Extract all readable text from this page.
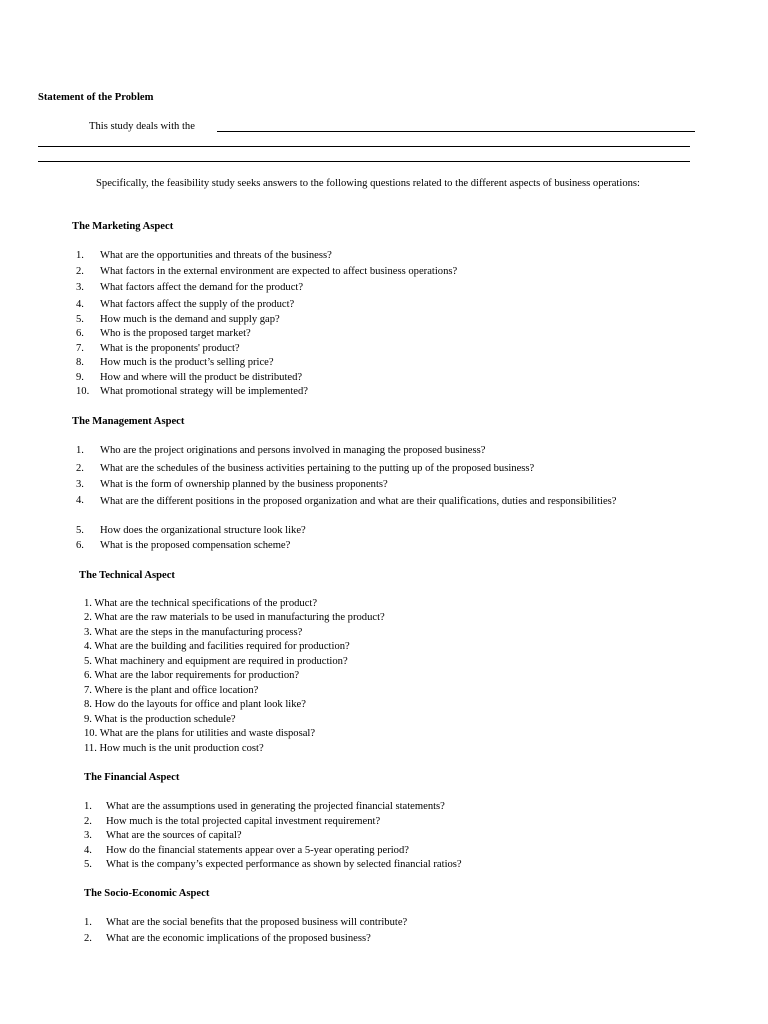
Statement of the Problem
This study deals with the
Specifically, the feasibility study seeks answers to the following questions related to the different aspects of business operations:
The Marketing Aspect
1. What are the opportunities and threats of the business?
2. What factors in the external environment are expected to affect business operations?
3. What factors affect the demand for the product?
4. What factors affect the supply of the product?
5. How much is the demand and supply gap?
6. Who is the proposed target market?
7. What is the proponents' product?
8. How much is the product’s selling price?
9. How and where will the product be distributed?
10. What promotional strategy will be implemented?
The Management Aspect
1. Who are the project originations and persons involved in managing the proposed business?
2. What are the schedules of the business activities pertaining to the putting up of the proposed business?
3. What is the form of ownership planned by the business proponents?
4. What are the different positions in the proposed organization and what are their qualifications, duties and responsibilities?
5. How does the organizational structure look like?
6. What is the proposed compensation scheme?
The Technical Aspect
1. What are the technical specifications of the product?
2. What are the raw materials to be used in manufacturing the product?
3. What are the steps in the manufacturing process?
4. What are the building and facilities required for production?
5. What machinery and equipment are required in production?
6. What are the labor requirements for production?
7. Where is the plant and office location?
8. How do the layouts for office and plant look like?
9. What is the production schedule?
10. What are the plans for utilities and waste disposal?
11. How much is the unit production cost?
The Financial Aspect
1. What are the assumptions used in generating the projected financial statements?
2. How much is the total projected capital investment requirement?
3. What are the sources of capital?
4. How do the financial statements appear over a 5-year operating period?
5. What is the company’s expected performance as shown by selected financial ratios?
The Socio-Economic Aspect
1. What are the social benefits that the proposed business will contribute?
2. What are the economic implications of the proposed business?
